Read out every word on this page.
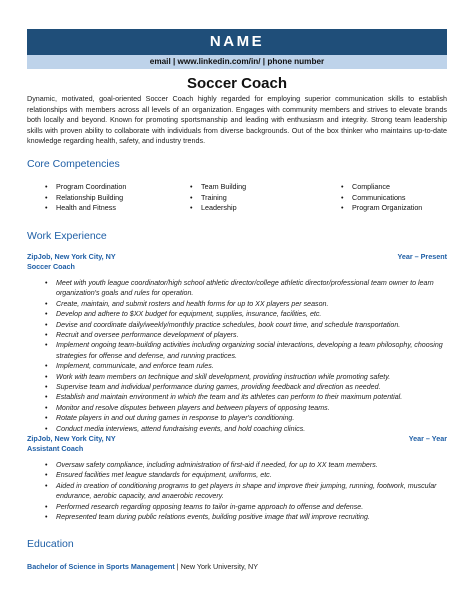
NAME
email | www.linkedin.com/in/ | phone number
Soccer Coach

Dynamic, motivated, goal-oriented Soccer Coach highly regarded for employing superior communication skills to establish relationships with members across all levels of an organization. Engages with community members and strives to elevate brands both locally and beyond. Known for promoting sportsmanship and leading with enthusiasm and integrity. Strong team leadership skills with proven ability to collaborate with individuals from diverse backgrounds. Out of the box thinker who maintains up-to-date knowledge regarding health, safety, and industry trends.

Core Competencies
• Program Coordination
• Relationship Building
• Health and Fitness
• Team Building
• Training
• Leadership
• Compliance
• Communications
• Program Organization
Work Experience
ZipJob, New York City, NY	Year – Present
Soccer Coach
• Meet with youth league coordinator/high school athletic director/college athletic director/professional team owner to learn organization's goals and rules for operation.
• Create, maintain, and submit rosters and health forms for up to XX players per season.
• Develop and adhere to $XX budget for equipment, supplies, insurance, facilities, etc.
• Devise and coordinate daily/weekly/monthly practice schedules, book court time, and schedule transportation.
• Recruit and oversee performance development of players.
• Implement ongoing team-building activities including organizing social interactions, developing a team philosophy, choosing strategies for offense and defense, and running practices.
• Implement, communicate, and enforce team rules.
• Work with team members on technique and skill development, providing instruction while promoting safety.
• Supervise team and individual performance during games, providing feedback and direction as needed.
• Establish and maintain environment in which the team and its athletes can perform to their maximum potential.
• Monitor and resolve disputes between players and between players of opposing teams.
• Rotate players in and out during games in response to player's conditioning.
• Conduct media interviews, attend fundraising events, and hold coaching clinics.
ZipJob, New York City, NY	Year – Year
Assistant Coach
• Oversaw safety compliance, including administration of first-aid if needed, for up to XX team members.
• Ensured facilities met league standards for equipment, uniforms, etc.
• Aided in creation of conditioning programs to get players in shape and improve their jumping, running, footwork, muscular endurance, aerobic capacity, and anaerobic recovery.
• Performed research regarding opposing teams to tailor in-game approach to offense and defense.
• Represented team during public relations events, building positive image that will improve recruiting.
Education
Bachelor of Science in Sports Management | New York University, NY
